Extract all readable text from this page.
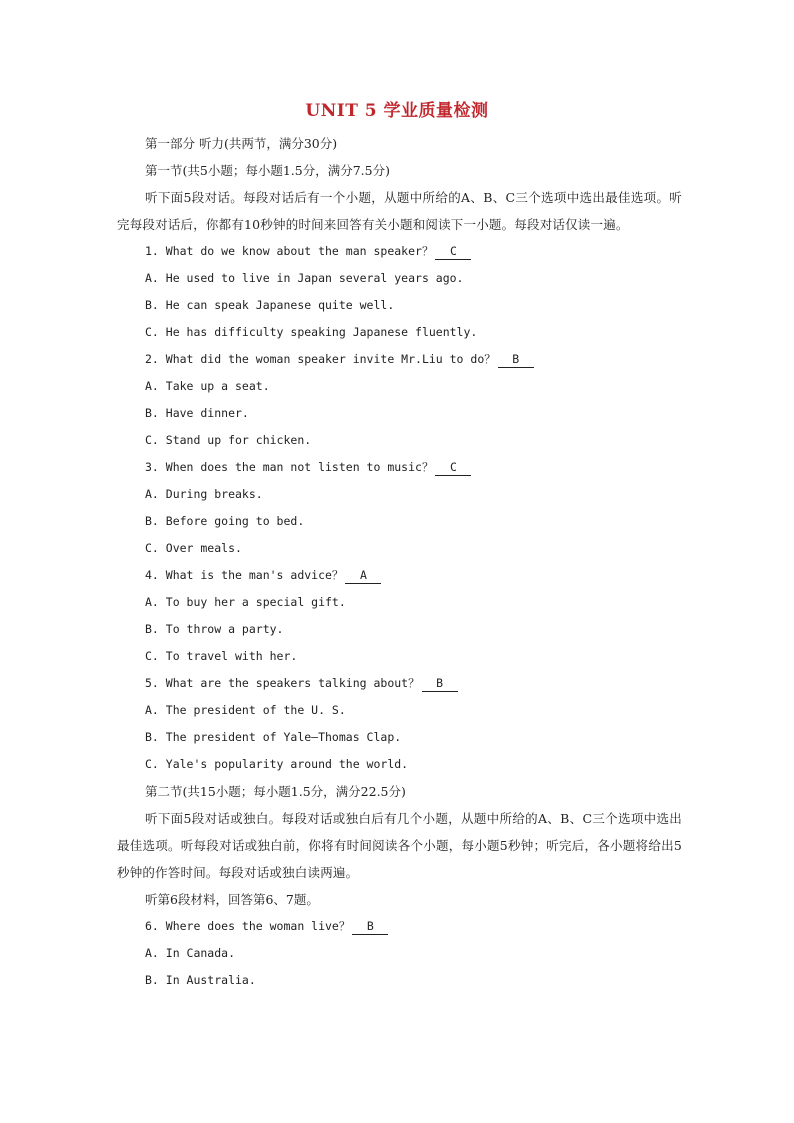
UNIT 5 学业质量检测
第一部分 听力(共两节，满分30分)
第一节(共5小题；每小题1.5分，满分7.5分)
听下面5段对话。每段对话后有一个小题，从题中所给的A、B、C三个选项中选出最佳选项。听完每段对话后，你都有10秒钟的时间来回答有关小题和阅读下一小题。每段对话仅读一遍。
1. What do we know about the man speaker？ C
A. He used to live in Japan several years ago.
B. He can speak Japanese quite well.
C. He has difficulty speaking Japanese fluently.
2. What did the woman speaker invite Mr.Liu to do？ B
A. Take up a seat.
B. Have dinner.
C. Stand up for chicken.
3. When does the man not listen to music？ C
A. During breaks.
B. Before going to bed.
C. Over meals.
4. What is the man's advice？ A
A. To buy her a special gift.
B. To throw a party.
C. To travel with her.
5. What are the speakers talking about？ B
A. The president of the U. S.
B. The president of Yale—Thomas Clap.
C. Yale's popularity around the world.
第二节(共15小题；每小题1.5分，满分22.5分)
听下面5段对话或独白。每段对话或独白后有几个小题，从题中所给的A、B、C三个选项中选出最佳选项。听每段对话或独白前，你将有时间阅读各个小题，每小题5秒钟；听完后，各小题将给出5秒钟的作答时间。每段对话或独白读两遍。
听第6段材料，回答第6、7题。
6. Where does the woman live？ B
A. In Canada.
B. In Australia.
